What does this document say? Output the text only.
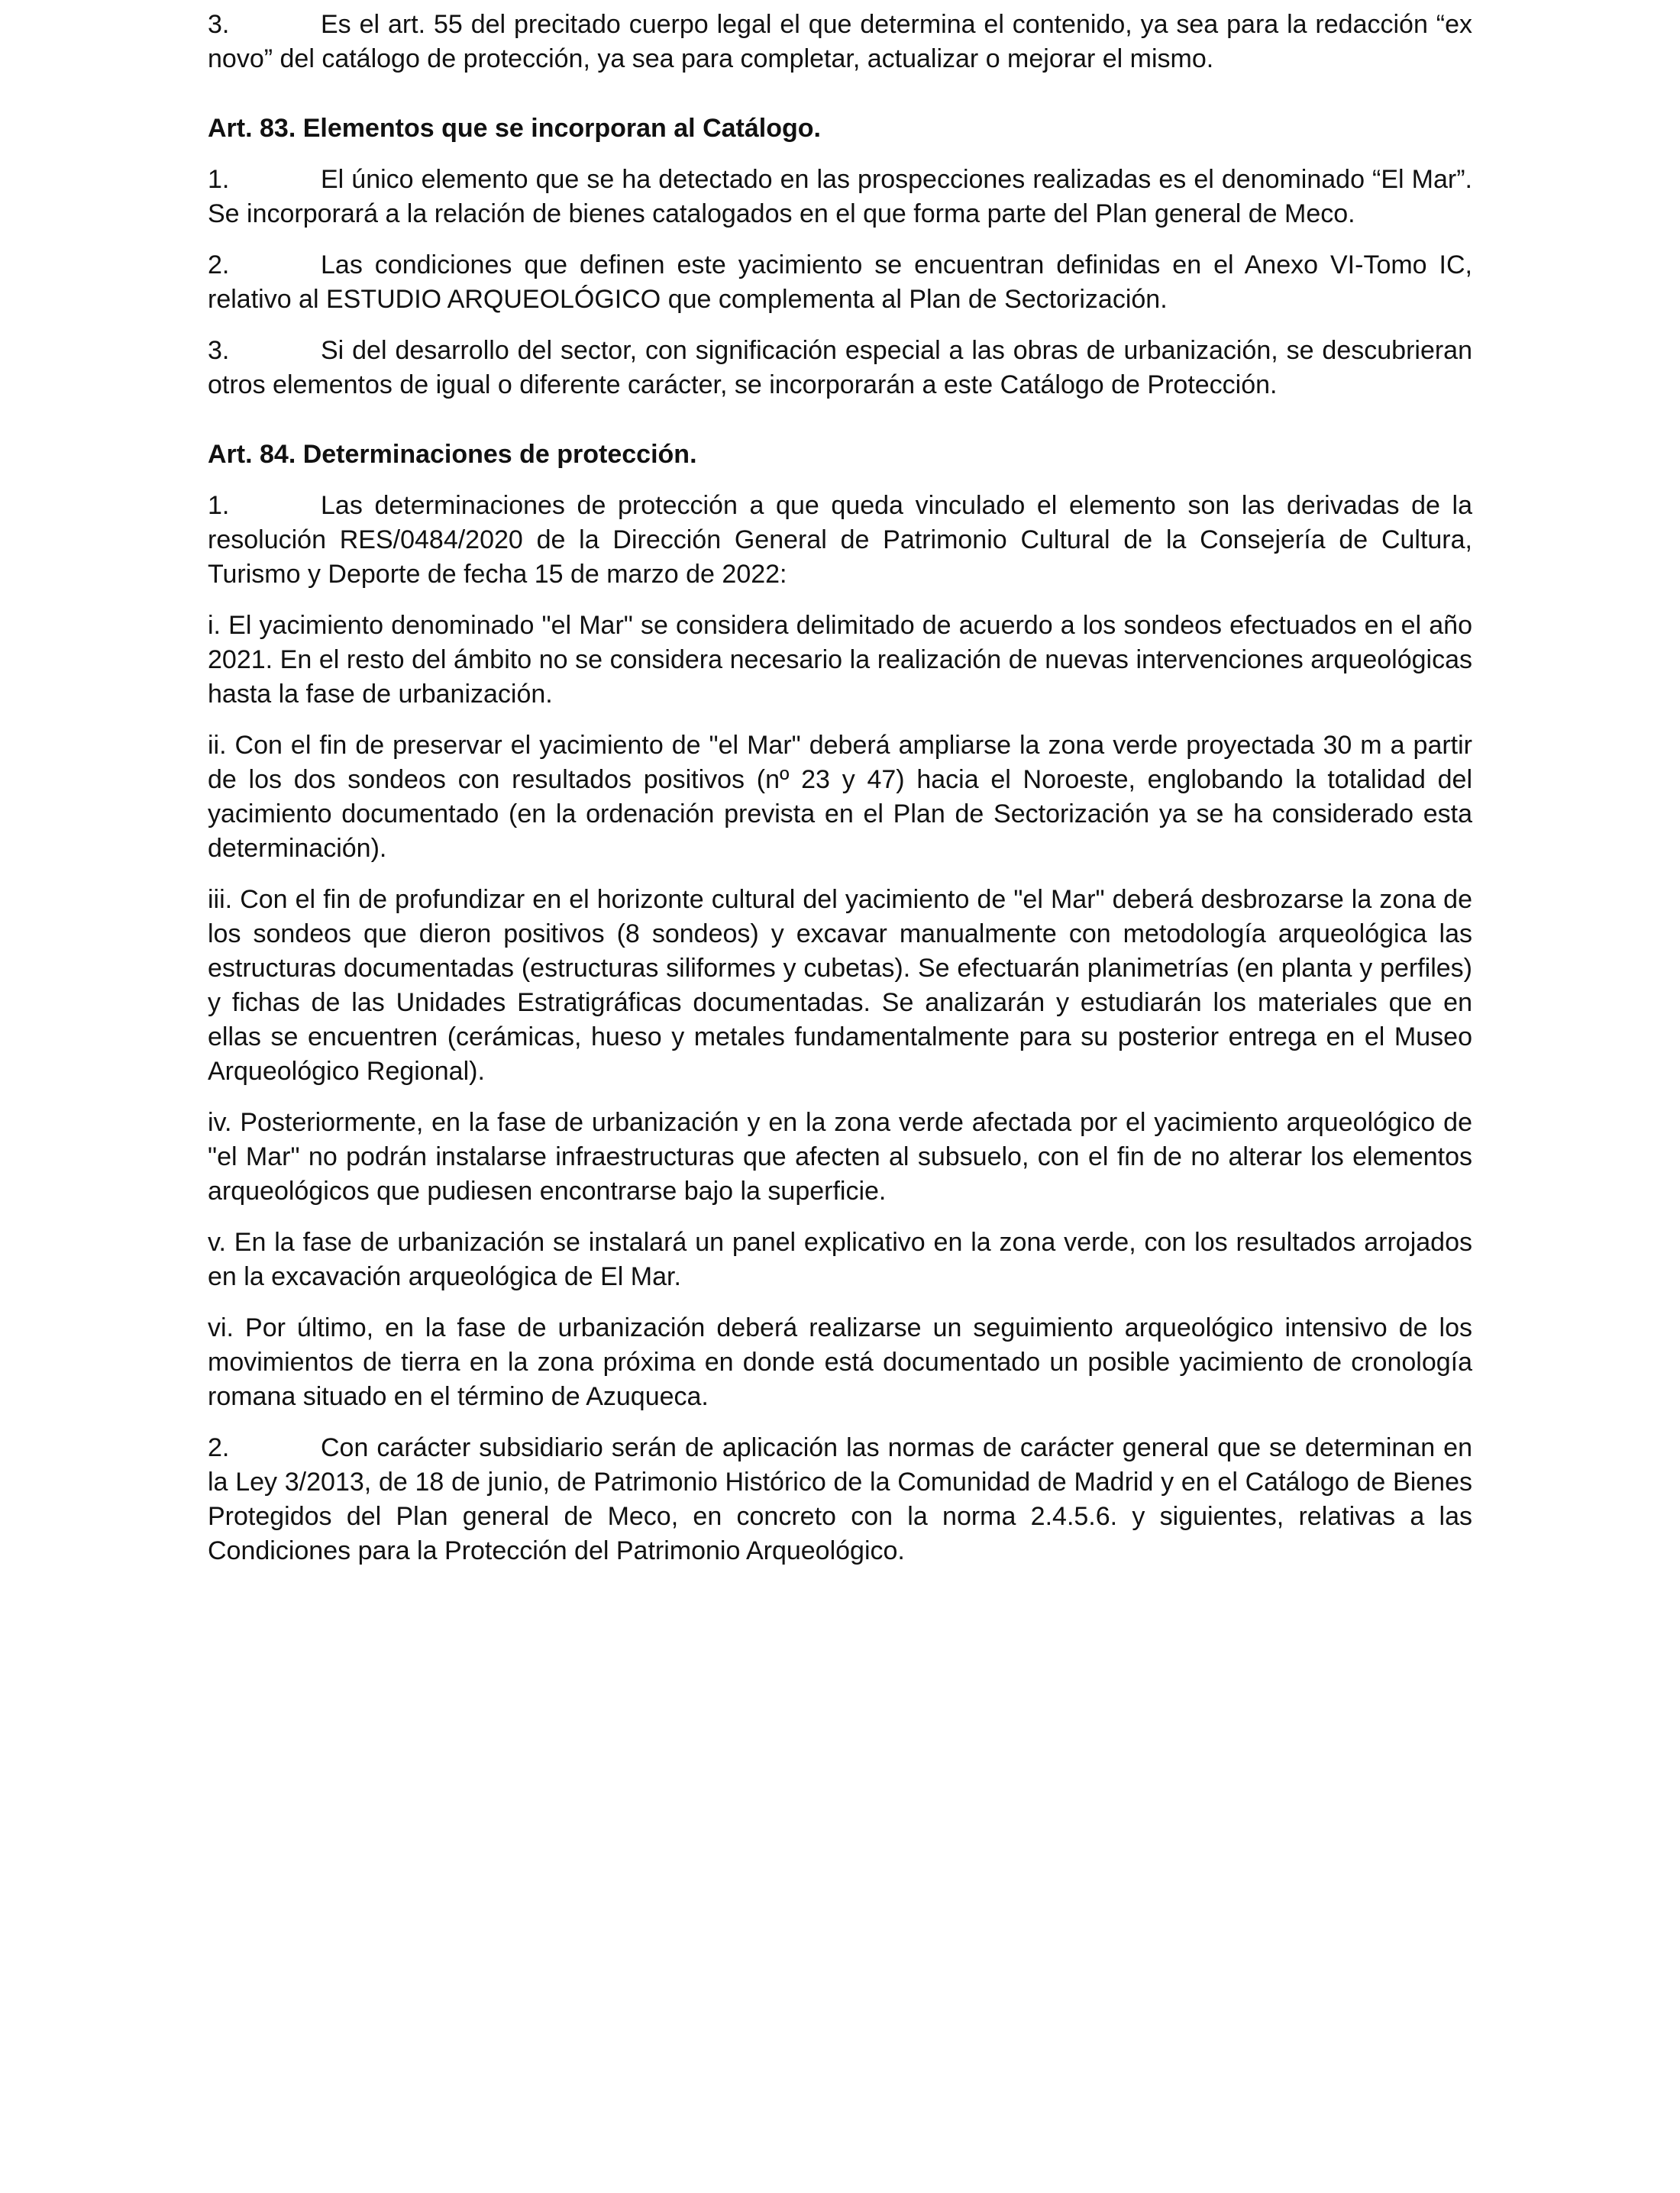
3.	Es el art. 55 del precitado cuerpo legal el que determina el contenido, ya sea para la redacción “ex novo” del catálogo de protección, ya sea para completar, actualizar o mejorar el mismo.

Art. 83. Elementos que se incorporan al Catálogo.

1.	El único elemento que se ha detectado en las prospecciones realizadas es el denominado “El Mar”. Se incorporará a la relación de bienes catalogados en el que forma parte del Plan general de Meco.

2.	Las condiciones que definen este yacimiento se encuentran definidas en el Anexo VI-Tomo IC, relativo al ESTUDIO ARQUEOLÓGICO que complementa al Plan de Sectorización.

3.	Si del desarrollo del sector, con significación especial a las obras de urbanización, se descubrieran otros elementos de igual o diferente carácter, se incorporarán a este Catálogo de Protección.

Art. 84. Determinaciones de protección.

1.	Las determinaciones de protección a que queda vinculado el elemento son las derivadas de la resolución RES/0484/2020 de la Dirección General de Patrimonio Cultural de la Consejería de Cultura, Turismo y Deporte de fecha 15 de marzo de 2022:

i. El yacimiento denominado "el Mar" se considera delimitado de acuerdo a los sondeos efectuados en el año 2021. En el resto del ámbito no se considera necesario la realización de nuevas intervenciones arqueológicas hasta la fase de urbanización.

ii. Con el fin de preservar el yacimiento de "el Mar" deberá ampliarse la zona verde proyectada 30 m a partir de los dos sondeos con resultados positivos (nº 23 y 47) hacia el Noroeste, englobando la totalidad del yacimiento documentado (en la ordenación prevista en el Plan de Sectorización ya se ha considerado esta determinación).

iii. Con el fin de profundizar en el horizonte cultural del yacimiento de "el Mar" deberá desbrozarse la zona de los sondeos que dieron positivos (8 sondeos) y excavar manualmente con metodología arqueológica las estructuras documentadas (estructuras siliformes y cubetas). Se efectuarán planimetrías (en planta y perfiles) y fichas de las Unidades Estratigráficas documentadas. Se analizarán y estudiarán los materiales que en ellas se encuentren (cerámicas, hueso y metales fundamentalmente para su posterior entrega en el Museo Arqueológico Regional).

iv. Posteriormente, en la fase de urbanización y en la zona verde afectada por el yacimiento arqueológico de "el Mar" no podrán instalarse infraestructuras que afecten al subsuelo, con el fin de no alterar los elementos arqueológicos que pudiesen encontrarse bajo la superficie.

v. En la fase de urbanización se instalará un panel explicativo en la zona verde, con los resultados arrojados en la excavación arqueológica de El Mar.

vi. Por último, en la fase de urbanización deberá realizarse un seguimiento arqueológico intensivo de los movimientos de tierra en la zona próxima en donde está documentado un posible yacimiento de cronología romana situado en el término de Azuqueca.

2.	Con carácter subsidiario serán de aplicación las normas de carácter general que se determinan en la Ley 3/2013, de 18 de junio, de Patrimonio Histórico de la Comunidad de Madrid y en el Catálogo de Bienes Protegidos del Plan general de Meco, en concreto con la norma 2.4.5.6. y siguientes, relativas a las Condiciones para la Protección del Patrimonio Arqueológico.
